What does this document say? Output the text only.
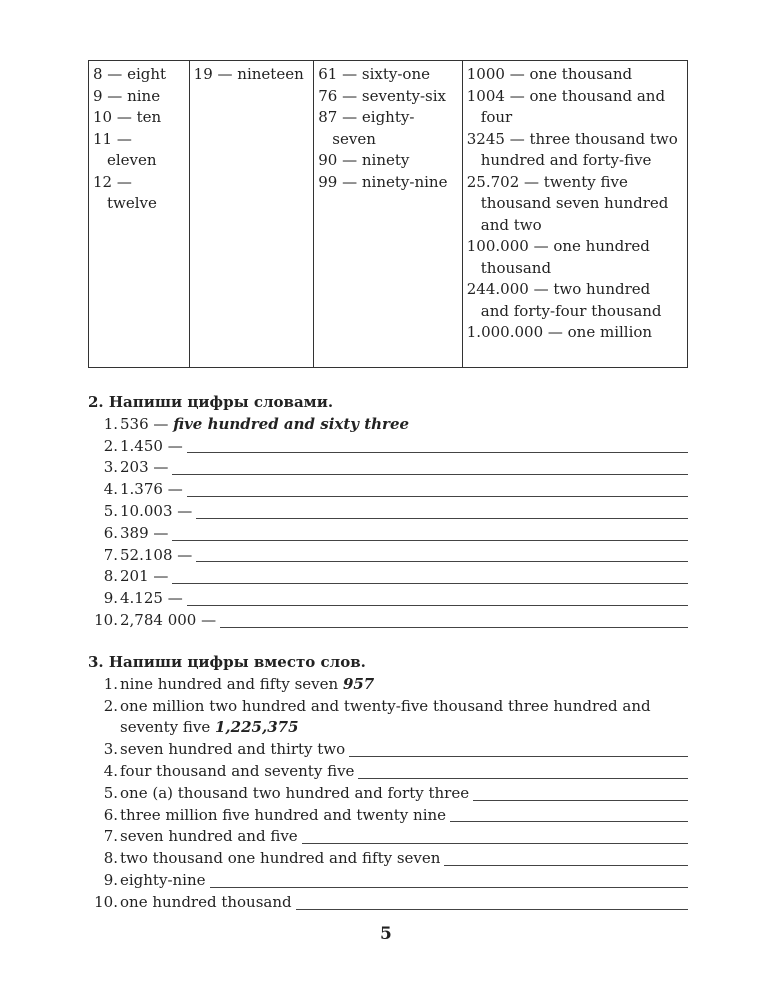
8 — eight
9 — nine
10 — ten
11 — eleven
12 — twelve
19 — nineteen 61 — sixty-one
76 — seventy-six
87 — eighty-seven
90 — ninety
99 — ninety-nine
1000 — one thousand
1004 — one thousand and four
3245 — three thousand two hundred and forty-five
25.702 — twenty five thousand seven hundred and two
100.000 — one hundred thousand
244.000 — two hundred and forty-four thousand
1.000.000 — one million
2. Напиши цифры словами.
1. 536 — five hundred and sixty three
2. 1.450 —
3. 203 —
4. 1.376 —
5. 10.003 —
6. 389 —
7. 52.108 —
8. 201 —
9. 4.125 —
10. 2,784 000 —
3. Напиши цифры вместо слов.
1. nine hundred and fifty seven 957
2. one million two hundred and twenty-five thousand three hundred and seventy five 1,225,375
3. seven hundred and thirty two
4. four thousand and seventy five
5. one (a) thousand two hundred and forty three
6. three million five hundred and twenty nine
7. seven hundred and five
8. two thousand one hundred and fifty seven
9. eighty-nine
10. one hundred thousand
5
